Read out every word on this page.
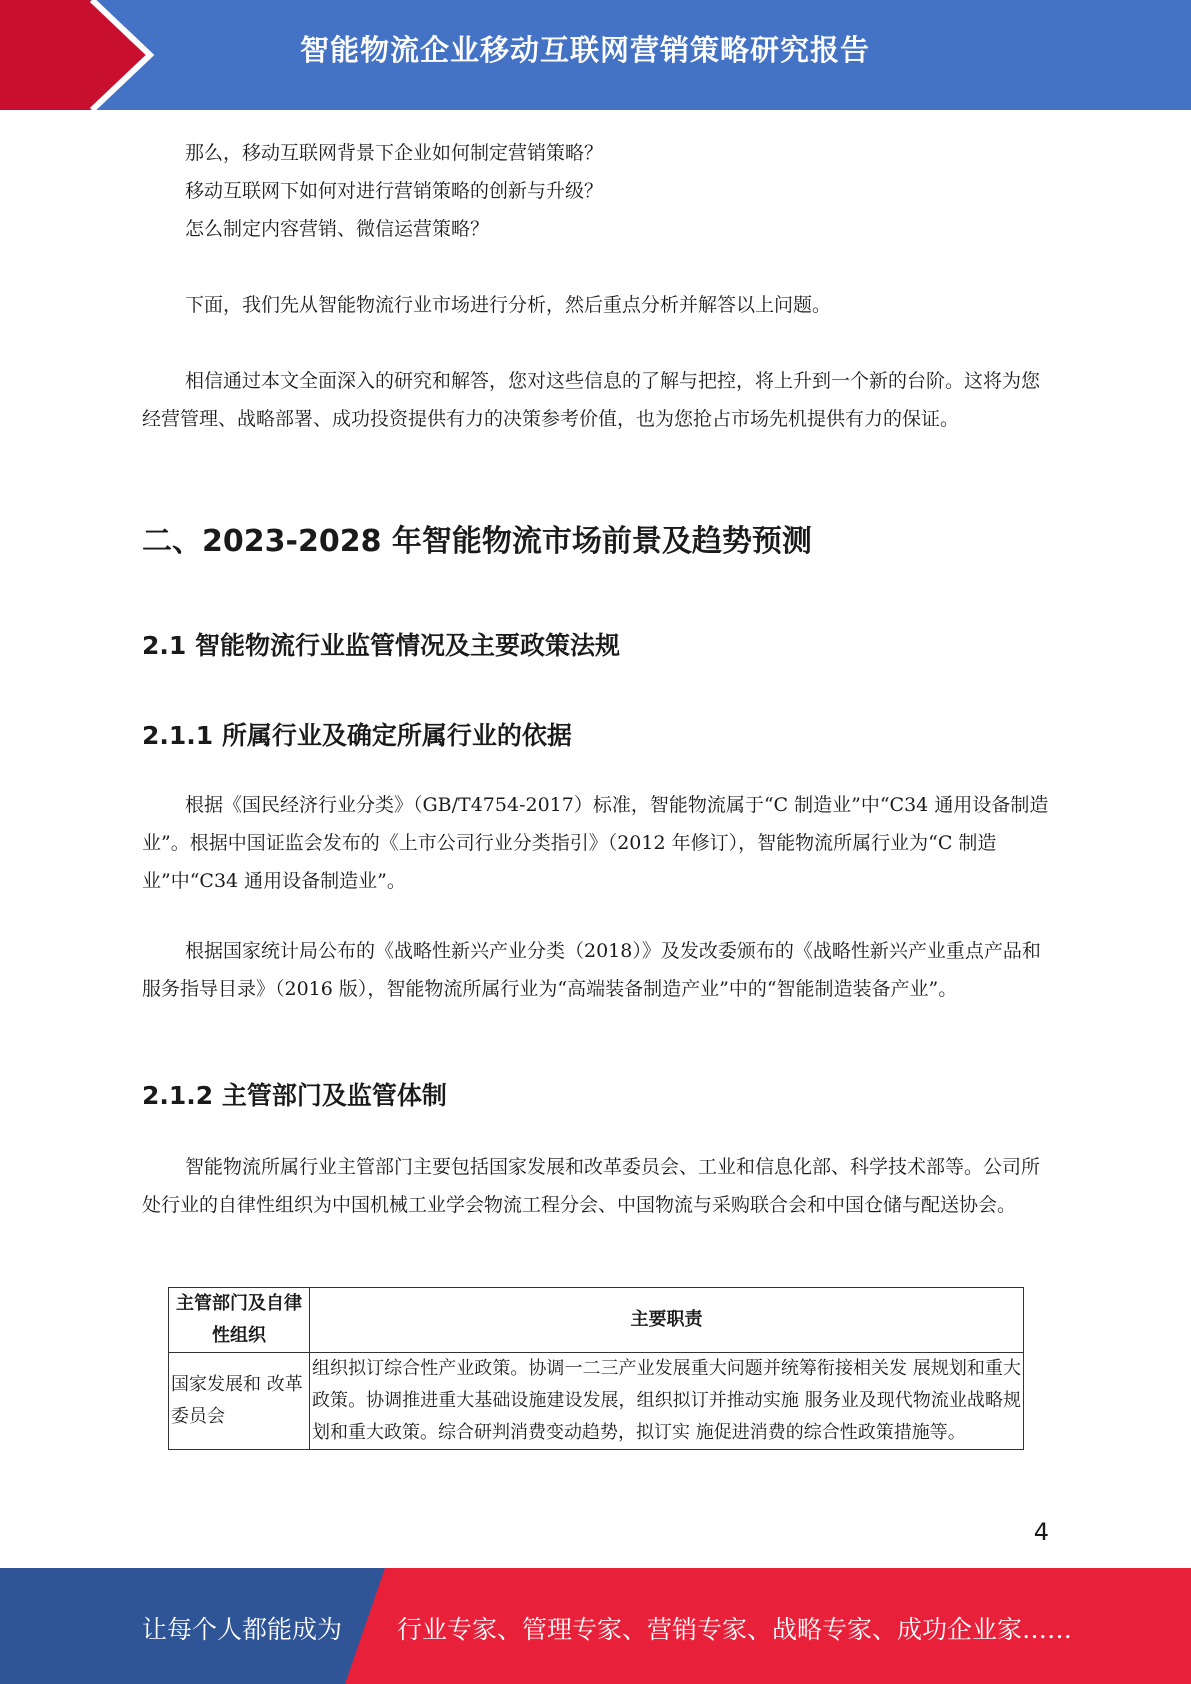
智能物流企业移动互联网营销策略研究报告

那么，移动互联网背景下企业如何制定营销策略？

移动互联网下如何对进行营销策略的创新与升级？

怎么制定内容营销、微信运营策略？

下面，我们先从智能物流行业市场进行分析，然后重点分析并解答以上问题。

相信通过本文全面深入的研究和解答，您对这些信息的了解与把控，将上升到一个新的台阶。这将为您经营管理、战略部署、成功投资提供有力的决策参考价值，也为您抢占市场先机提供有力的保证。

二、2023-2028 年智能物流市场前景及趋势预测
2.1 智能物流行业监管情况及主要政策法规
2.1.1 所属行业及确定所属行业的依据

根据《国民经济行业分类》（GB/T4754-2017）标准，智能物流属于“C 制造业”中“C34 通用设备制造业”。根据中国证监会发布的《上市公司行业分类指引》（2012 年修订），智能物流所属行业为“C 制造业”中“C34 通用设备制造业”。

根据国家统计局公布的《战略性新兴产业分类（2018）》及发改委颁布的《战略性新兴产业重点产品和服务指导目录》（2016 版），智能物流所属行业为“高端装备制造产业”中的“智能制造装备产业”。

2.1.2 主管部门及监管体制

智能物流所属行业主管部门主要包括国家发展和改革委员会、工业和信息化部、科学技术部等。公司所处行业的自律性组织为中国机械工业学会物流工程分会、中国物流与采购联合会和中国仓储与配送协会。

主管部门及自律性组织	主要职责
国家发展和 改革委员会	组织拟订综合性产业政策。协调一二三产业发展重大问题并统筹衔接相关发 展规划和重大政策。协调推进重大基础设施建设发展，组织拟订并推动实施 服务业及现代物流业战略规划和重大政策。综合研判消费变动趋势，拟订实 施促进消费的综合性政策措施等。
4
让每个人都能成为 行业专家、管理专家、营销专家、战略专家、成功企业家……
